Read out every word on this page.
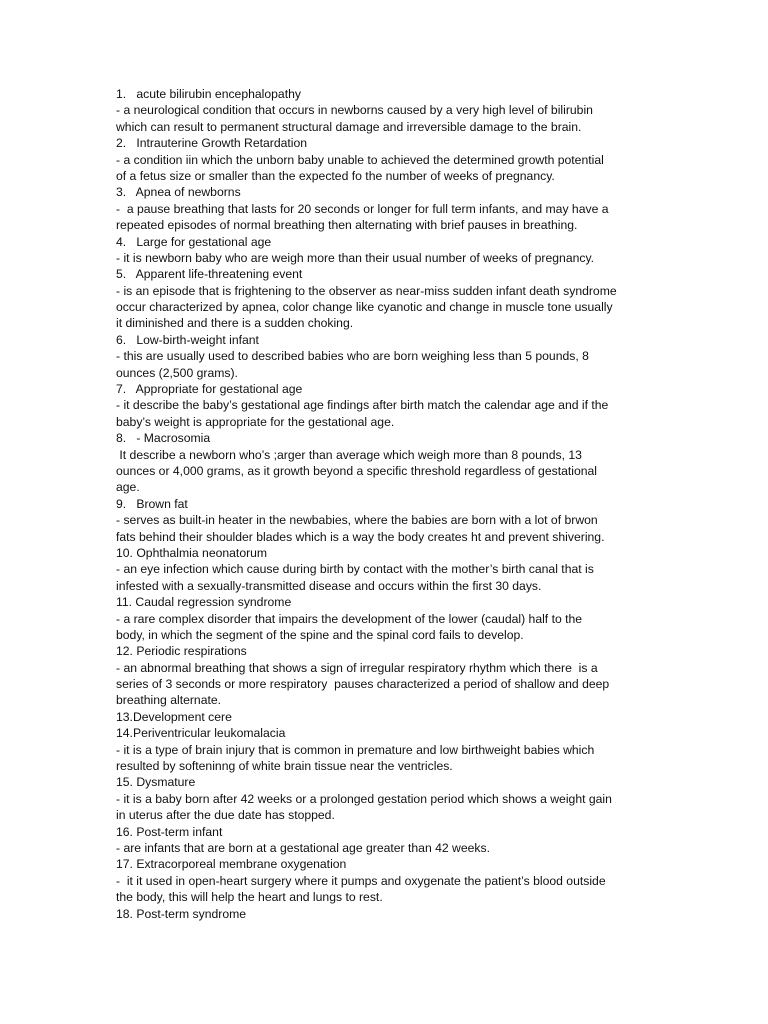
1.   acute bilirubin encephalopathy
- a neurological condition that occurs in newborns caused by a very high level of bilirubin
which can result to permanent structural damage and irreversible damage to the brain.
2.   Intrauterine Growth Retardation
- a condition iin which the unborn baby unable to achieved the determined growth potential
of a fetus size or smaller than the expected fo the number of weeks of pregnancy.
3.   Apnea of newborns
-  a pause breathing that lasts for 20 seconds or longer for full term infants, and may have a
repeated episodes of normal breathing then alternating with brief pauses in breathing.
4.   Large for gestational age
- it is newborn baby who are weigh more than their usual number of weeks of pregnancy.
5.   Apparent life-threatening event
- is an episode that is frightening to the observer as near-miss sudden infant death syndrome
occur characterized by apnea, color change like cyanotic and change in muscle tone usually
it diminished and there is a sudden choking.
6.   Low-birth-weight infant
- this are usually used to described babies who are born weighing less than 5 pounds, 8
ounces (2,500 grams).
7.   Appropriate for gestational age
- it describe the baby’s gestational age findings after birth match the calendar age and if the
baby’s weight is appropriate for the gestational age.
8.   - Macrosomia
It describe a newborn who’s ;arger than average which weigh more than 8 pounds, 13
ounces or 4,000 grams, as it growth beyond a specific threshold regardless of gestational
age.
9.   Brown fat
- serves as built-in heater in the newbabies, where the babies are born with a lot of brwon
fats behind their shoulder blades which is a way the body creates ht and prevent shivering.
10. Ophthalmia neonatorum
- an eye infection which cause during birth by contact with the mother’s birth canal that is
infested with a sexually-transmitted disease and occurs within the first 30 days.
11. Caudal regression syndrome
- a rare complex disorder that impairs the development of the lower (caudal) half to the
body, in which the segment of the spine and the spinal cord fails to develop.
12. Periodic respirations
- an abnormal breathing that shows a sign of irregular respiratory rhythm which there  is a
series of 3 seconds or more respiratory  pauses characterized a period of shallow and deep
breathing alternate.
13.Development cere
14.Periventricular leukomalacia
- it is a type of brain injury that is common in premature and low birthweight babies which
resulted by softeninng of white brain tissue near the ventricles.
15. Dysmature
- it is a baby born after 42 weeks or a prolonged gestation period which shows a weight gain
in uterus after the due date has stopped.
16. Post-term infant
- are infants that are born at a gestational age greater than 42 weeks.
17. Extracorporeal membrane oxygenation
-  it it used in open-heart surgery where it pumps and oxygenate the patient’s blood outside
the body, this will help the heart and lungs to rest.
18. Post-term syndrome
